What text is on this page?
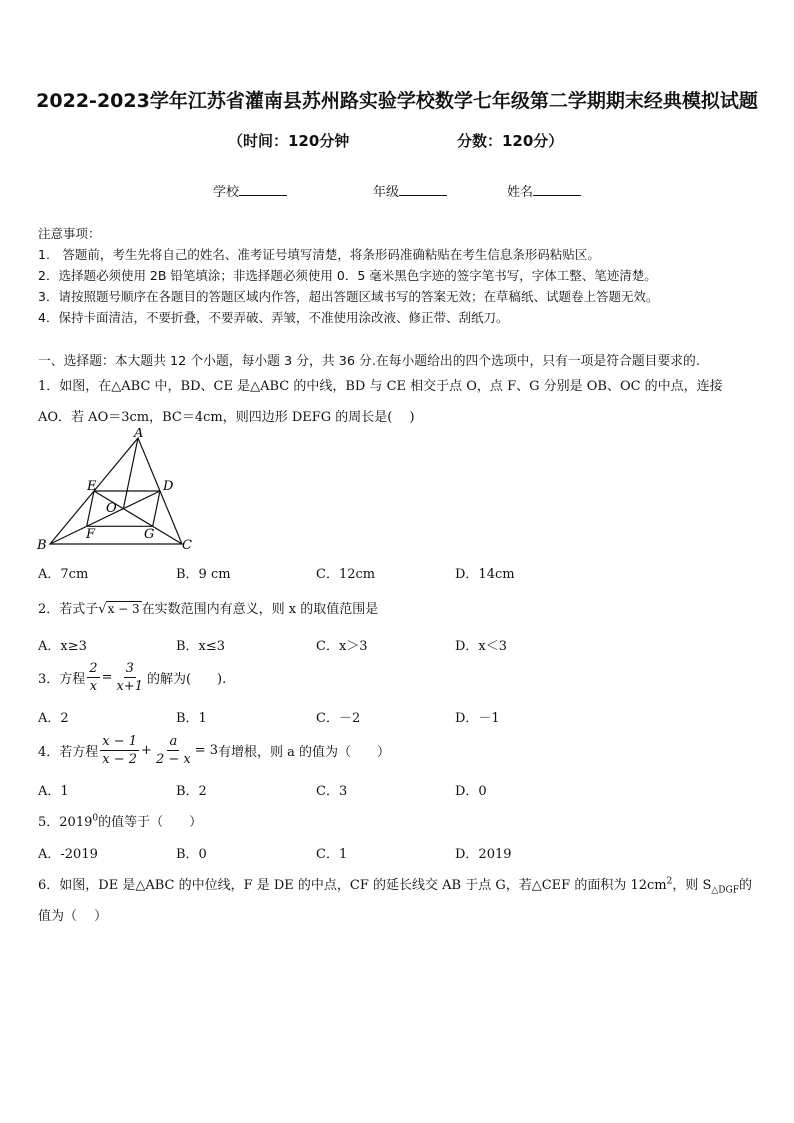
2022-2023学年江苏省灌南县苏州路实验学校数学七年级第二学期期末经典模拟试题
（时间：120分钟	分数：120分）
学校	年级	姓名
注意事项：
1.　答题前，考生先将自己的姓名、准考证号填写清楚，将条形码准确粘贴在考生信息条形码粘贴区。
2．选择题必须使用 2B 铅笔填涂；非选择题必须使用 0．5 毫米黑色字迹的签字笔书写，字体工整、笔迹清楚。
3．请按照题号顺序在各题目的答题区域内作答，超出答题区域书写的答案无效；在草稿纸、试题卷上答题无效。
4．保持卡面清洁，不要折叠，不要弄破、弄皱，不准使用涂改液、修正带、刮纸刀。
一、选择题：本大题共 12 个小题，每小题 3 分，共 36 分.在每小题给出的四个选项中，只有一项是符合题目要求的.
1．如图，在△ABC 中，BD、CE 是△ABC 的中线，BD 与 CE 相交于点 O，点 F、G 分别是 OB、OC 的中点，连接
AO．若 AO＝3cm，BC＝4cm，则四边形 DEFG 的周长是(　 )
A
E	D
O
F	G
B	C
A．7cm	B．9 cm	C．12cm	D．14cm
2．若式子√x − 3 在实数范围内有意义，则 x 的取值范围是
A．x≥3	B．x≤3	C．x＞3	D．x＜3
3．方程 $\frac{2}{x} = \frac{3}{x+1}$ 的解为(　　).
A．2	B．1	C．－2	D．－1
4．若方程 $\frac{x - 1}{x - 2} + \frac{a}{2 - x} = 3$ 有增根，则 a 的值为（　　）
A．1	B．2	C．3	D．0
5．2019$^0$的值等于（　　）
A．-2019	B．0	C．1	D．2019
6．如图，DE 是△ABC 的中位线，F 是 DE 的中点，CF 的延长线交 AB 于点 G，若△CEF 的面积为 $12cm^2$，则 $S_{\triangle DGF}$的
值为（　 ）
